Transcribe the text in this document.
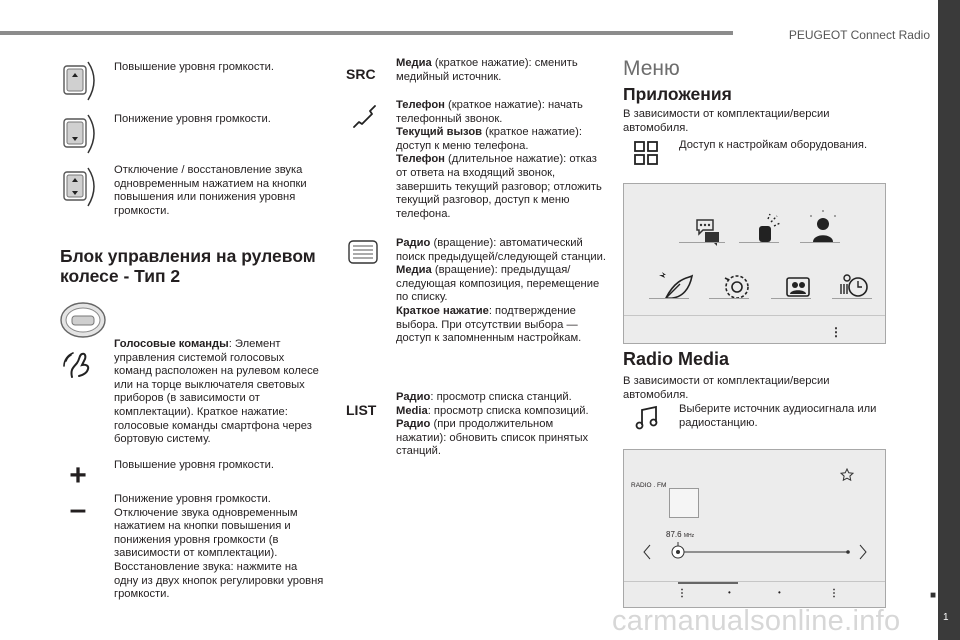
PEUGEOT Connect Radio
Повышение уровня громкости.
Понижение уровня громкости.
Отключение / восстановление звука одновременным нажатием на кнопки повышения или понижения уровня громкости.
Блок управления на рулевом
колесе - Тип 2
Голосовые команды: Элемент управления системой голосовых команд расположен на рулевом колесе или на торце выключателя световых приборов (в зависимости от комплектации). Краткое нажатие: голосовые команды смартфона через бортовую систему.
+ Повышение уровня громкости.
–	Понижение уровня громкости. Отключение звука одновременным нажатием на кнопки повышения и понижения уровня громкости (в зависимости от комплектации). Восстановление звука: нажмите на одну из двух кнопок регулировки уровня громкости.
SRC
Медиа (краткое нажатие): сменить медийный источник.
Телефон (краткое нажатие): начать телефонный звонок.
Текущий вызов (краткое нажатие): доступ к меню телефона.
Телефон (длительное нажатие): отказ от ответа на входящий звонок, завершить текущий разговор; отложить текущий разговор, доступ к меню телефона.
Радио (вращение): автоматический поиск предыдущей/следующей станции.
Медиа (вращение): предыдущая/следующая композиция, перемещение по списку.
Краткое нажатие: подтверждение выбора. При отсутствии выбора — доступ к запомненным настройкам.
LIST
Радио: просмотр списка станций.
Media: просмотр списка композиций.
Радио (при продолжительном нажатии): обновить список принятых станций.
Меню
Приложения
В зависимости от комплектации/версии автомобиля.
Доступ к настройкам оборудования.
⋮
Radio Media
В зависимости от комплектации/версии автомобиля.
Выберите источник аудиосигнала или радиостанцию.
RADIO . FM
87.6 MHz
⋮	•	•	⋮
carmanualsonline.info
■
1
